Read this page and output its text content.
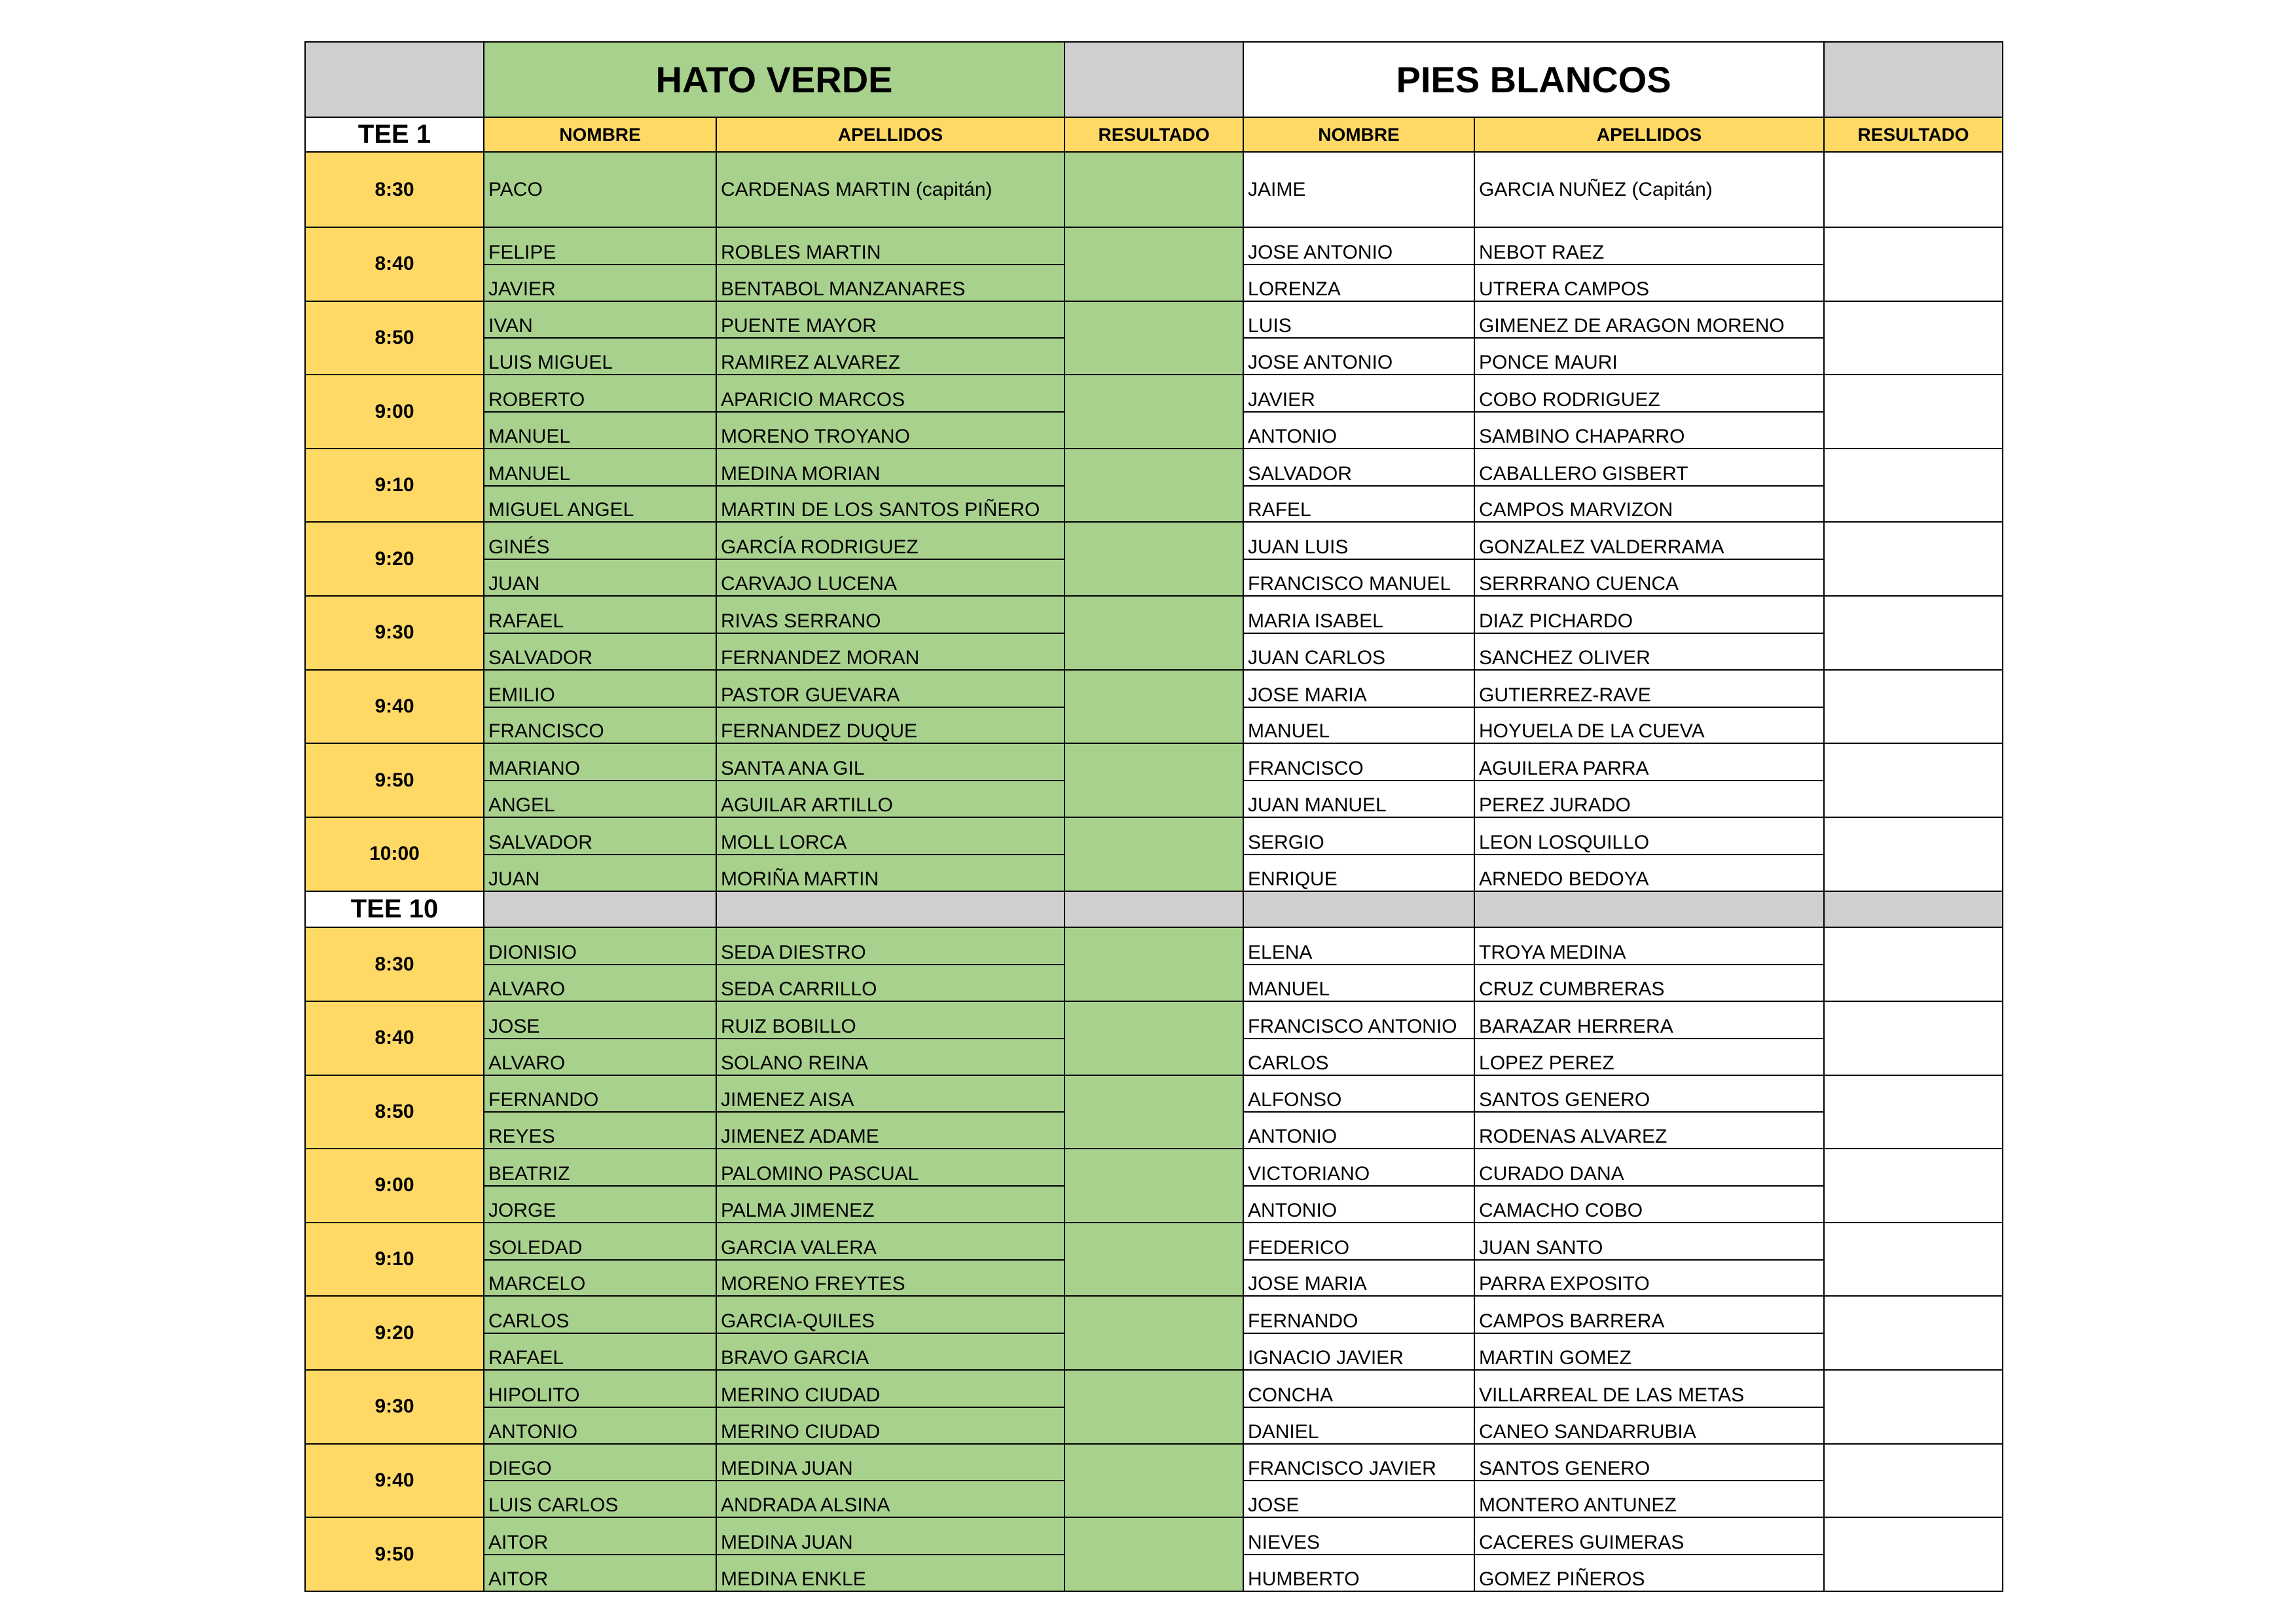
	HATO VERDE			PIES BLANCOS		
TEE 1	NOMBRE	APELLIDOS	RESULTADO	NOMBRE	APELLIDOS	RESULTADO
8:30	PACO	CARDENAS MARTIN (capitán)		JAIME	GARCIA NUÑEZ (Capitán)	
8:40	FELIPE	ROBLES MARTIN		JOSE ANTONIO	NEBOT RAEZ	
	JAVIER	BENTABOL MANZANARES		LORENZA	UTRERA CAMPOS	
8:50	IVAN	PUENTE MAYOR		LUIS	GIMENEZ DE ARAGON MORENO	
	LUIS MIGUEL	RAMIREZ ALVAREZ		JOSE ANTONIO	PONCE MAURI	
9:00	ROBERTO	APARICIO MARCOS		JAVIER	COBO RODRIGUEZ	
	MANUEL	MORENO TROYANO		ANTONIO	SAMBINO CHAPARRO	
9:10	MANUEL	MEDINA MORIAN		SALVADOR	CABALLERO GISBERT	
	MIGUEL ANGEL	MARTIN DE LOS SANTOS PIÑERO		RAFEL	CAMPOS MARVIZON	
9:20	GINÉS	GARCÍA RODRIGUEZ		JUAN LUIS	GONZALEZ VALDERRAMA	
	JUAN	CARVAJO LUCENA		FRANCISCO MANUEL	SERRRANO CUENCA	
9:30	RAFAEL	RIVAS SERRANO		MARIA ISABEL	DIAZ PICHARDO	
	SALVADOR	FERNANDEZ MORAN		JUAN CARLOS	SANCHEZ OLIVER	
9:40	EMILIO	PASTOR GUEVARA		JOSE MARIA	GUTIERREZ-RAVE	
	FRANCISCO	FERNANDEZ DUQUE		MANUEL	HOYUELA DE LA CUEVA	
9:50	MARIANO	SANTA ANA GIL		FRANCISCO	AGUILERA PARRA	
	ANGEL	AGUILAR ARTILLO		JUAN MANUEL	PEREZ JURADO	
10:00	SALVADOR	MOLL LORCA		SERGIO	LEON LOSQUILLO	
	JUAN	MORIÑA MARTIN		ENRIQUE	ARNEDO BEDOYA	
TEE 10						
8:30	DIONISIO	SEDA DIESTRO		ELENA	TROYA MEDINA	
	ALVARO	SEDA CARRILLO		MANUEL	CRUZ CUMBRERAS	
8:40	JOSE	RUIZ BOBILLO		FRANCISCO ANTONIO	BARAZAR HERRERA	
	ALVARO	SOLANO REINA		CARLOS	LOPEZ PEREZ	
8:50	FERNANDO	JIMENEZ AISA		ALFONSO	SANTOS GENERO	
	REYES	JIMENEZ ADAME		ANTONIO	RODENAS ALVAREZ	
9:00	BEATRIZ	PALOMINO PASCUAL		VICTORIANO	CURADO DANA	
	JORGE	PALMA JIMENEZ		ANTONIO	CAMACHO COBO	
9:10	SOLEDAD	GARCIA VALERA		FEDERICO	JUAN SANTO	
	MARCELO	MORENO FREYTES		JOSE MARIA	PARRA EXPOSITO	
9:20	CARLOS	GARCIA-QUILES		FERNANDO	CAMPOS BARRERA	
	RAFAEL	BRAVO GARCIA		IGNACIO JAVIER	MARTIN GOMEZ	
9:30	HIPOLITO	MERINO CIUDAD		CONCHA	VILLARREAL DE LAS METAS	
	ANTONIO	MERINO CIUDAD		DANIEL	CANEO SANDARRUBIA	
9:40	DIEGO	MEDINA JUAN		FRANCISCO JAVIER	SANTOS GENERO	
	LUIS CARLOS	ANDRADA ALSINA		JOSE	MONTERO ANTUNEZ	
9:50	AITOR	MEDINA JUAN		NIEVES	CACERES GUIMERAS	
	AITOR	MEDINA ENKLE		HUMBERTO	GOMEZ PIÑEROS	
